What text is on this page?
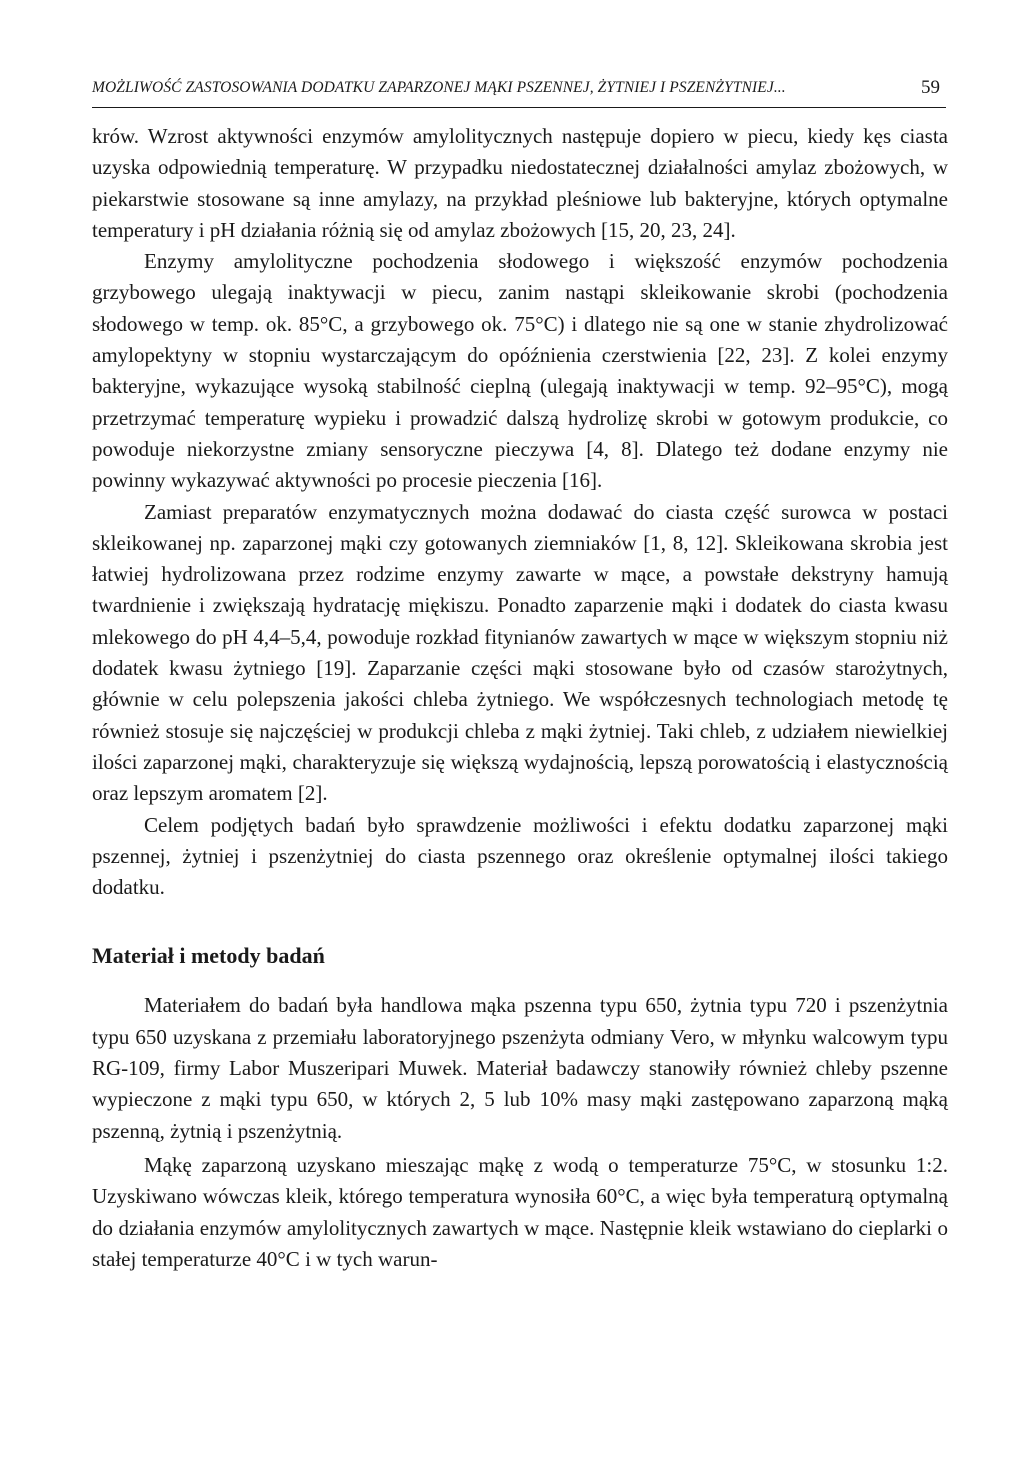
MOŻLIWOŚĆ ZASTOSOWANIA DODATKU ZAPARZONEJ MĄKI PSZENNEJ, ŻYTNIEJ I PSZENŻYTNIEJ...	59

krów. Wzrost aktywności enzymów amylolitycznych następuje dopiero w piecu, kiedy kęs ciasta uzyska odpowiednią temperaturę. W przypadku niedostatecznej działalności amylaz zbożowych, w piekarstwie stosowane są inne amylazy, na przykład pleśniowe lub bakteryjne, których optymalne temperatury i pH działania różnią się od amylaz zbożowych [15, 20, 23, 24].

Enzymy amylolityczne pochodzenia słodowego i większość enzymów pochodzenia grzybowego ulegają inaktywacji w piecu, zanim nastąpi skleikowanie skrobi (pochodzenia słodowego w temp. ok. 85°C, a grzybowego ok. 75°C) i dlatego nie są one w stanie zhydrolizować amylopektyny w stopniu wystarczającym do opóźnienia czerstwienia [22, 23]. Z kolei enzymy bakteryjne, wykazujące wysoką stabilność cieplną (ulegają inaktywacji w temp. 92–95°C), mogą przetrzymać temperaturę wypieku i prowadzić dalszą hydrolizę skrobi w gotowym produkcie, co powoduje niekorzystne zmiany sensoryczne pieczywa [4, 8]. Dlatego też dodane enzymy nie powinny wykazywać aktywności po procesie pieczenia [16].

Zamiast preparatów enzymatycznych można dodawać do ciasta część surowca w postaci skleikowanej np. zaparzonej mąki czy gotowanych ziemniaków [1, 8, 12]. Skleikowana skrobia jest łatwiej hydrolizowana przez rodzime enzymy zawarte w mące, a powstałe dekstryny hamują twardnienie i zwiększają hydratację miękiszu. Ponadto zaparzenie mąki i dodatek do ciasta kwasu mlekowego do pH 4,4–5,4, powoduje rozkład fitynianów zawartych w mące w większym stopniu niż dodatek kwasu żytniego [19]. Zaparzanie części mąki stosowane było od czasów starożytnych, głównie w celu polepszenia jakości chleba żytniego. We współczesnych technologiach metodę tę również stosuje się najczęściej w produkcji chleba z mąki żytniej. Taki chleb, z udziałem niewielkiej ilości zaparzonej mąki, charakteryzuje się większą wydajnością, lepszą porowatością i elastycznością oraz lepszym aromatem [2].

Celem podjętych badań było sprawdzenie możliwości i efektu dodatku zaparzonej mąki pszennej, żytniej i pszenżytniej do ciasta pszennego oraz określenie optymalnej ilości takiego dodatku.

Materiał i metody badań

Materiałem do badań była handlowa mąka pszenna typu 650, żytnia typu 720 i pszenżytnia typu 650 uzyskana z przemiału laboratoryjnego pszenżyta odmiany Vero, w młynku walcowym typu RG-109, firmy Labor Muszeripari Muwek. Materiał badawczy stanowiły również chleby pszenne wypieczone z mąki typu 650, w których 2, 5 lub 10% masy mąki zastępowano zaparzoną mąką pszenną, żytnią i pszenżytnią.

Mąkę zaparzoną uzyskano mieszając mąkę z wodą o temperaturze 75°C, w stosunku 1:2. Uzyskiwano wówczas kleik, którego temperatura wynosiła 60°C, a więc była temperaturą optymalną do działania enzymów amylolitycznych zawartych w mące. Następnie kleik wstawiano do cieplarki o stałej temperaturze 40°C i w tych warun-
